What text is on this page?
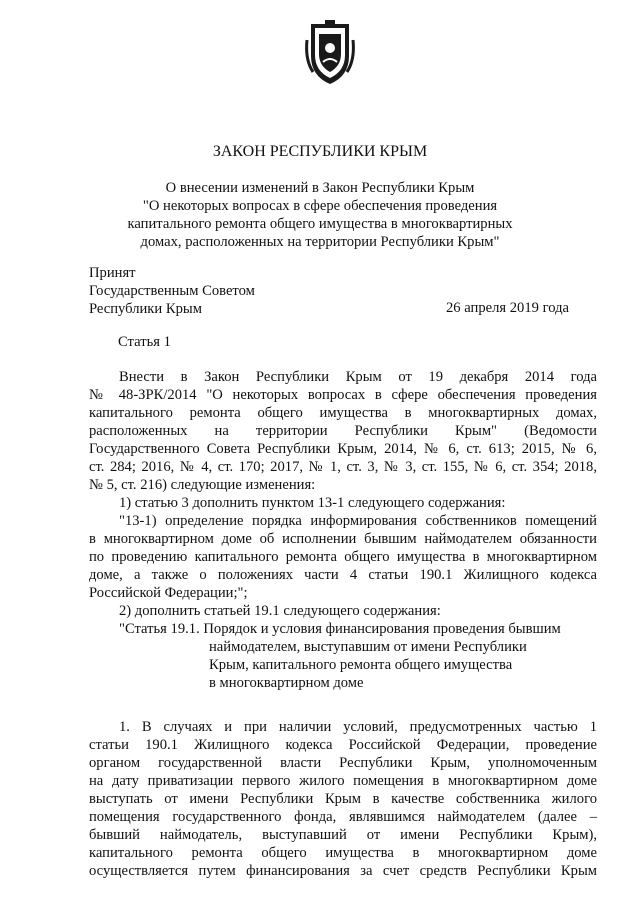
ЗАКОН РЕСПУБЛИКИ КРЫМ
О внесении изменений в Закон Республики Крым
"О некоторых вопросах в сфере обеспечения проведения
капитального ремонта общего имущества в многоквартирных
домах, расположенных на территории Республики Крым"
Принят
Государственным Советом
Республики Крым	26 апреля 2019 года
Статья 1
Внести в Закон Республики Крым от 19 декабря 2014 года
№ 48-ЗРК/2014 "О некоторых вопросах в сфере обеспечения проведения
капитального ремонта общего имущества в многоквартирных домах,
расположенных на территории Республики Крым" (Ведомости
Государственного Совета Республики Крым, 2014, № 6, ст. 613; 2015, № 6,
ст. 284; 2016, № 4, ст. 170; 2017, № 1, ст. 3, № 3, ст. 155, № 6, ст. 354; 2018,
№ 5, ст. 216) следующие изменения:
1) статью 3 дополнить пунктом 13-1 следующего содержания:
"13-1) определение порядка информирования собственников помещений
в многоквартирном доме об исполнении бывшим наймодателем обязанности
по проведению капитального ремонта общего имущества в многоквартирном
доме, а также о положениях части 4 статьи 190.1 Жилищного кодекса
Российской Федерации;";
2) дополнить статьей 19.1 следующего содержания:
"Статья 19.1. Порядок и условия финансирования проведения бывшим
наймодателем, выступавшим от имени Республики
Крым, капитального ремонта общего имущества
в многоквартирном доме
1. В случаях и при наличии условий, предусмотренных частью 1
статьи 190.1 Жилищного кодекса Российской Федерации, проведение
органом государственной власти Республики Крым, уполномоченным
на дату приватизации первого жилого помещения в многоквартирном доме
выступать от имени Республики Крым в качестве собственника жилого
помещения государственного фонда, являвшимся наймодателем (далее –
бывший наймодатель, выступавший от имени Республики Крым),
капитального ремонта общего имущества в многоквартирном доме
осуществляется путем финансирования за счет средств Республики Крым
